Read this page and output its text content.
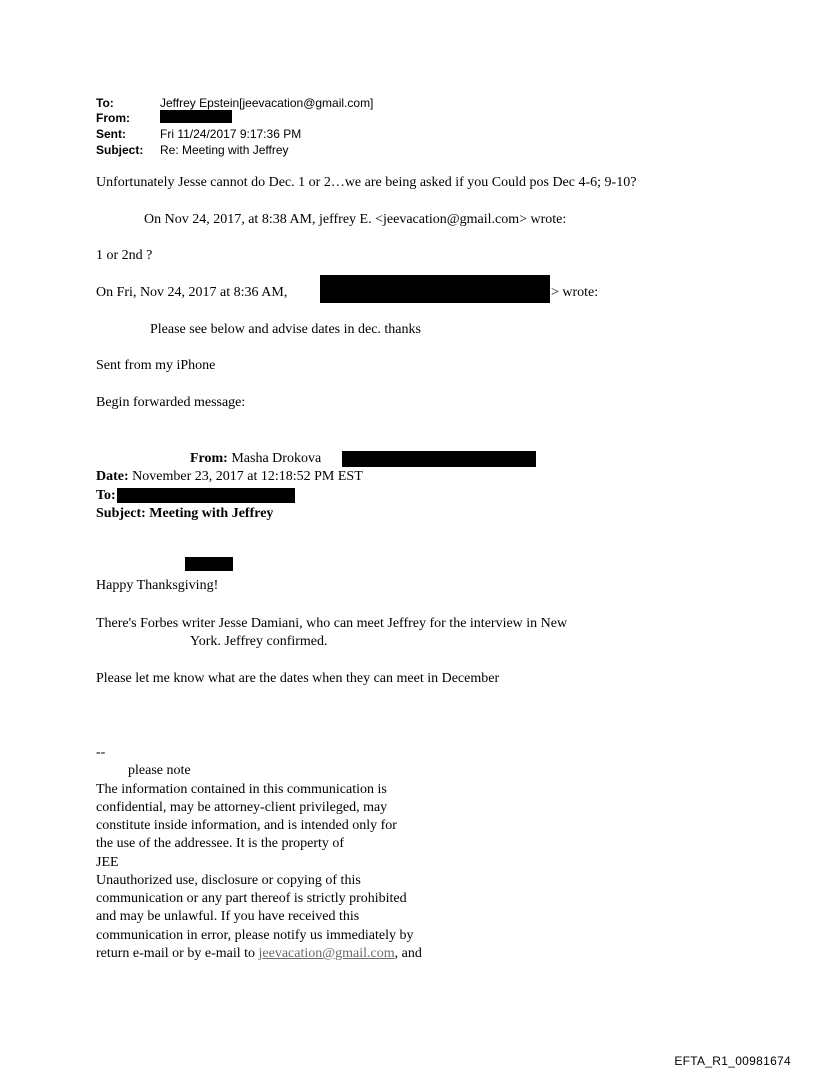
To:	Jeffrey Epstein[jeevacation@gmail.com]
From:
Sent:	Fri 11/24/2017 9:17:36 PM
Subject: Re: Meeting with Jeffrey
Unfortunately Jesse cannot do Dec. 1 or 2…we are being asked if you Could pos Dec 4-6; 9-10?
On Nov 24, 2017, at 8:38 AM, jeffrey E. <jeevacation@gmail.com> wrote:
1 or 2nd ?
On Fri, Nov 24, 2017 at 8:36 AM,	> wrote:
Please see below and advise dates in dec. thanks
Sent from my iPhone
Begin forwarded message:
From: Masha Drokova
Date: November 23, 2017 at 12:18:52 PM EST
To:
Subject: Meeting with Jeffrey
Happy Thanksgiving!
There's Forbes writer Jesse Damiani, who can meet Jeffrey for the interview in New
York. Jeffrey confirmed.
Please let me know what are the dates when they can meet in December
--
please note
The information contained in this communication is
confidential, may be attorney-client privileged, may
constitute inside information, and is intended only for
the use of the addressee. It is the property of
JEE
Unauthorized use, disclosure or copying of this
communication or any part thereof is strictly prohibited
and may be unlawful. If you have received this
communication in error, please notify us immediately by
return e-mail or by e-mail to jeevacation@gmail.com, and
EFTA_R1_00981674
